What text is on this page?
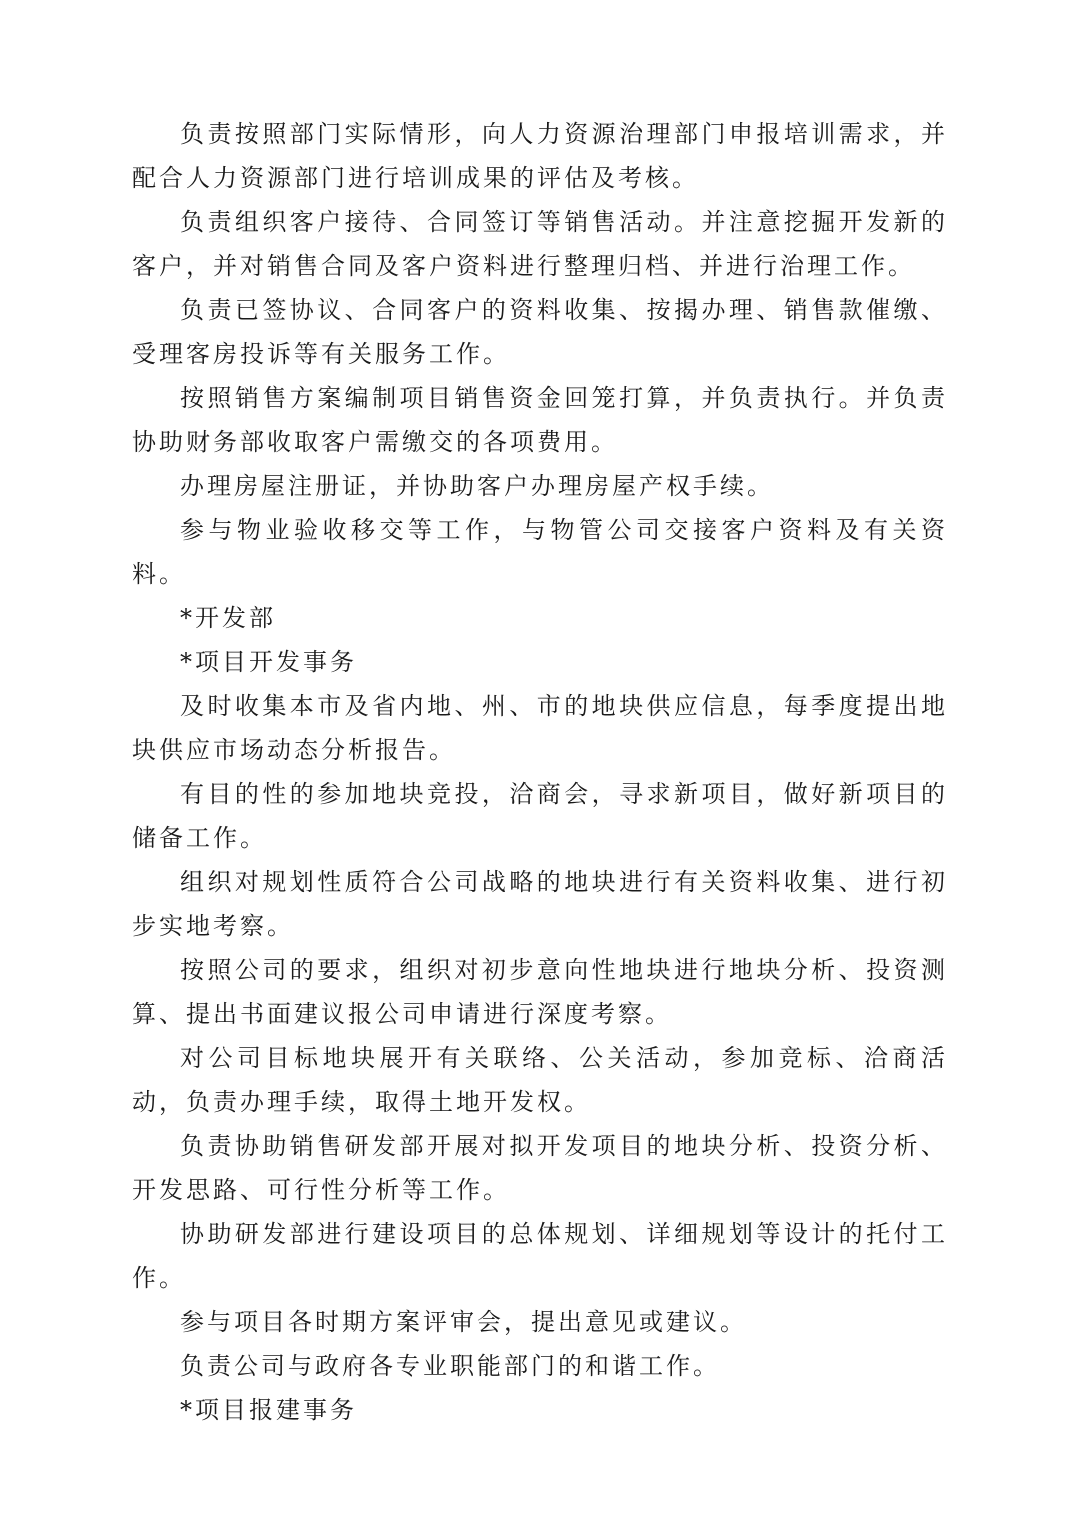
负责按照部门实际情形，向人力资源治理部门申报培训需求，并配合人力资源部门进行培训成果的评估及考核。

负责组织客户接待、合同签订等销售活动。并注意挖掘开发新的客户，并对销售合同及客户资料进行整理归档、并进行治理工作。

负责已签协议、合同客户的资料收集、按揭办理、销售款催缴、受理客房投诉等有关服务工作。

按照销售方案编制项目销售资金回笼打算，并负责执行。并负责协助财务部收取客户需缴交的各项费用。

办理房屋注册证，并协助客户办理房屋产权手续。

参与物业验收移交等工作，与物管公司交接客户资料及有关资料。

*开发部

*项目开发事务

及时收集本市及省内地、州、市的地块供应信息，每季度提出地块供应市场动态分析报告。

有目的性的参加地块竞投，洽商会，寻求新项目，做好新项目的储备工作。

组织对规划性质符合公司战略的地块进行有关资料收集、进行初步实地考察。

按照公司的要求，组织对初步意向性地块进行地块分析、投资测算、提出书面建议报公司申请进行深度考察。

对公司目标地块展开有关联络、公关活动，参加竞标、洽商活动，负责办理手续，取得土地开发权。

负责协助销售研发部开展对拟开发项目的地块分析、投资分析、开发思路、可行性分析等工作。

协助研发部进行建设项目的总体规划、详细规划等设计的托付工作。

参与项目各时期方案评审会，提出意见或建议。

负责公司与政府各专业职能部门的和谐工作。

*项目报建事务
